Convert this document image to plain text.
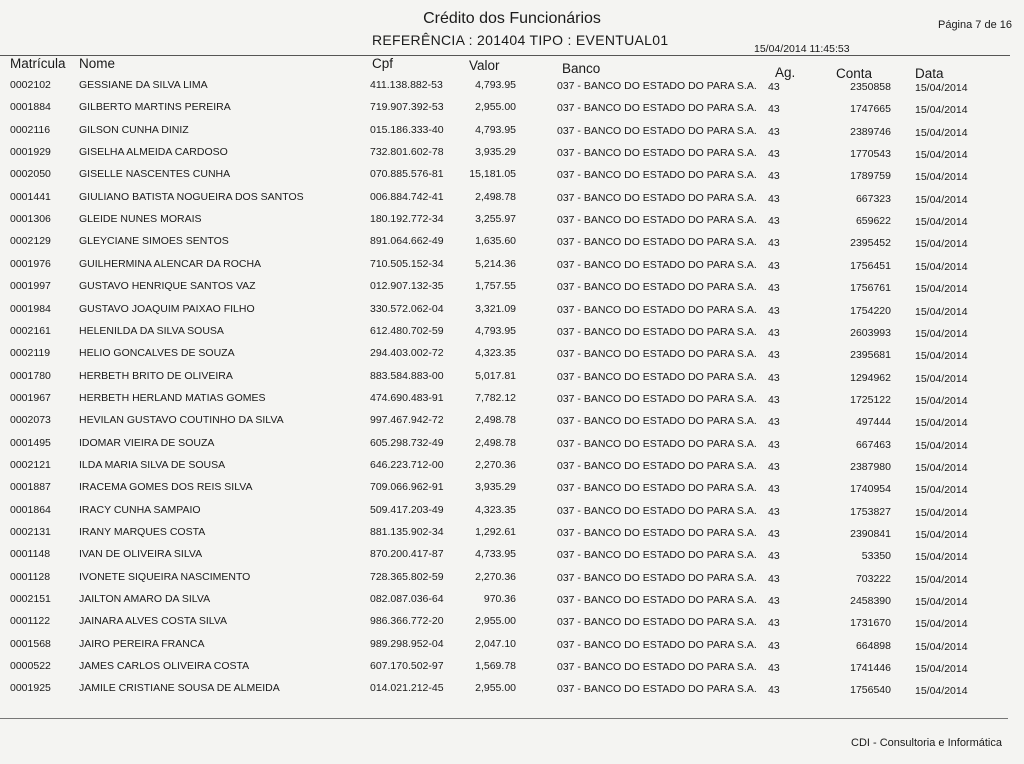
Crédito dos Funcionários
REFERÊNCIA : 201404 TIPO : EVENTUAL01
Página 7 de 16
15/04/2014 11:45:53
Matrícula Nome	Cpf	Valor	Banco	Ag.	Conta	Data
0002102	GESSIANE DA SILVA LIMA	411.138.882-53	4,793.95	037 - BANCO DO ESTADO DO PARA S.A. 43	2350858 15/04/2014
0001884	GILBERTO MARTINS PEREIRA	719.907.392-53	2,955.00	037 - BANCO DO ESTADO DO PARA S.A. 43	1747665 15/04/2014
0002116	GILSON CUNHA DINIZ	015.186.333-40	4,793.95	037 - BANCO DO ESTADO DO PARA S.A. 43	2389746 15/04/2014
0001929	GISELHA ALMEIDA CARDOSO	732.801.602-78	3,935.29	037 - BANCO DO ESTADO DO PARA S.A. 43	1770543 15/04/2014
0002050	GISELLE NASCENTES CUNHA	070.885.576-81	15,181.05	037 - BANCO DO ESTADO DO PARA S.A. 43	1789759 15/04/2014
0001441	GIULIANO BATISTA NOGUEIRA DOS SANTOS	006.884.742-41	2,498.78	037 - BANCO DO ESTADO DO PARA S.A. 43	667323 15/04/2014
0001306	GLEIDE NUNES MORAIS	180.192.772-34	3,255.97	037 - BANCO DO ESTADO DO PARA S.A. 43	659622 15/04/2014
0002129	GLEYCIANE SIMOES SENTOS	891.064.662-49	1,635.60	037 - BANCO DO ESTADO DO PARA S.A. 43	2395452 15/04/2014
0001976	GUILHERMINA ALENCAR DA ROCHA	710.505.152-34	5,214.36	037 - BANCO DO ESTADO DO PARA S.A. 43	1756451 15/04/2014
0001997	GUSTAVO HENRIQUE SANTOS VAZ	012.907.132-35	1,757.55	037 - BANCO DO ESTADO DO PARA S.A. 43	1756761 15/04/2014
0001984	GUSTAVO JOAQUIM PAIXAO FILHO	330.572.062-04	3,321.09	037 - BANCO DO ESTADO DO PARA S.A. 43	1754220 15/04/2014
0002161	HELENILDA DA SILVA SOUSA	612.480.702-59	4,793.95	037 - BANCO DO ESTADO DO PARA S.A. 43	2603993 15/04/2014
0002119	HELIO GONCALVES DE SOUZA	294.403.002-72	4,323.35	037 - BANCO DO ESTADO DO PARA S.A. 43	2395681 15/04/2014
0001780	HERBETH BRITO DE OLIVEIRA	883.584.883-00	5,017.81	037 - BANCO DO ESTADO DO PARA S.A. 43	1294962 15/04/2014
0001967	HERBETH HERLAND MATIAS GOMES	474.690.483-91	7,782.12	037 - BANCO DO ESTADO DO PARA S.A. 43	1725122 15/04/2014
0002073	HEVILAN GUSTAVO COUTINHO DA SILVA	997.467.942-72	2,498.78	037 - BANCO DO ESTADO DO PARA S.A. 43	497444 15/04/2014
0001495	IDOMAR VIEIRA DE SOUZA	605.298.732-49	2,498.78	037 - BANCO DO ESTADO DO PARA S.A. 43	667463 15/04/2014
0002121	ILDA MARIA SILVA DE SOUSA	646.223.712-00	2,270.36	037 - BANCO DO ESTADO DO PARA S.A. 43	2387980 15/04/2014
0001887	IRACEMA GOMES DOS REIS SILVA	709.066.962-91	3,935.29	037 - BANCO DO ESTADO DO PARA S.A. 43	1740954 15/04/2014
0001864	IRACY CUNHA SAMPAIO	509.417.203-49	4,323.35	037 - BANCO DO ESTADO DO PARA S.A. 43	1753827 15/04/2014
0002131	IRANY MARQUES COSTA	881.135.902-34	1,292.61	037 - BANCO DO ESTADO DO PARA S.A. 43	2390841 15/04/2014
0001148	IVAN DE OLIVEIRA SILVA	870.200.417-87	4,733.95	037 - BANCO DO ESTADO DO PARA S.A. 43	53350 15/04/2014
0001128	IVONETE SIQUEIRA NASCIMENTO	728.365.802-59	2,270.36	037 - BANCO DO ESTADO DO PARA S.A. 43	703222 15/04/2014
0002151	JAILTON AMARO DA SILVA	082.087.036-64	970.36	037 - BANCO DO ESTADO DO PARA S.A. 43	2458390 15/04/2014
0001122	JAINARA ALVES COSTA SILVA	986.366.772-20	2,955.00	037 - BANCO DO ESTADO DO PARA S.A. 43	1731670 15/04/2014
0001568	JAIRO PEREIRA FRANCA	989.298.952-04	2,047.10	037 - BANCO DO ESTADO DO PARA S.A. 43	664898 15/04/2014
0000522	JAMES CARLOS OLIVEIRA COSTA	607.170.502-97	1,569.78	037 - BANCO DO ESTADO DO PARA S.A. 43	1741446 15/04/2014
0001925	JAMILE CRISTIANE SOUSA DE ALMEIDA	014.021.212-45	2,955.00	037 - BANCO DO ESTADO DO PARA S.A. 43	1756540 15/04/2014
CDI - Consultoria e Informática
